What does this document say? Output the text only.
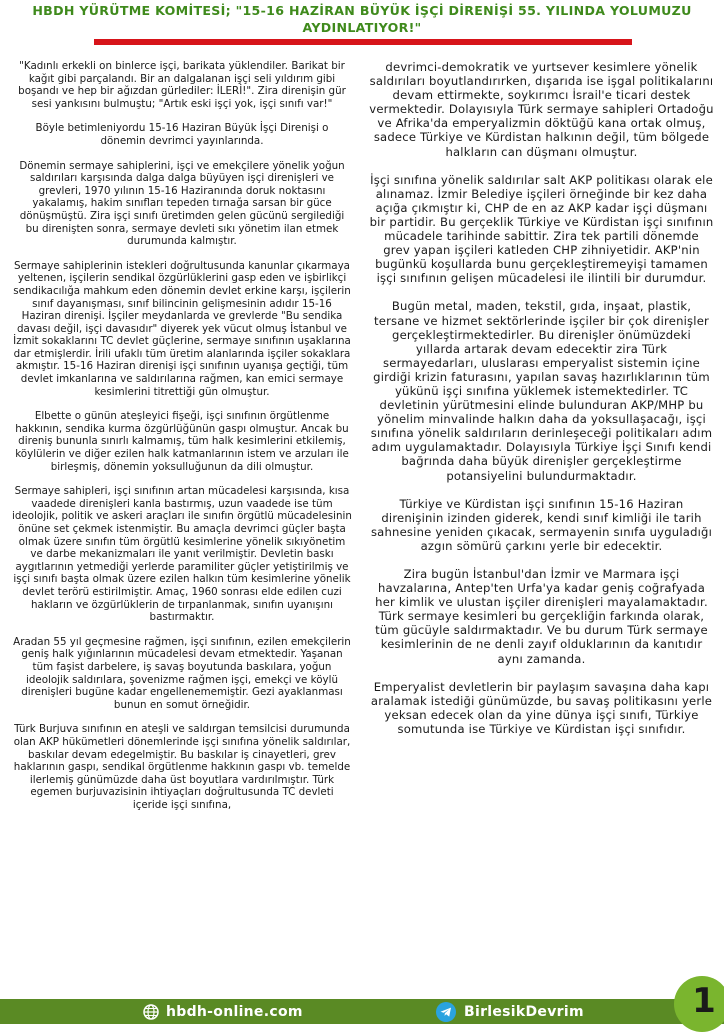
HBDH YÜRÜTME KOMİTESİ; "15-16 HAZİRAN BÜYÜK İŞÇİ DİRENİŞİ 55. YILINDA YOLUMUZU AYDINLATIYOR!"

"Kadınlı erkekli on binlerce işçi, barikata yüklendiler. Barikat bir kağıt gibi parçalandı. Bir an dalgalanan işçi seli yıldırım gibi boşandı ve hep bir ağızdan gürlediler: İLERİ!". Zira direnişin gür sesi yankısını bulmuştu; "Artık eski işçi yok, işçi sınıfı var!"

Böyle betimleniyordu 15-16 Haziran Büyük İşçi Direnişi o dönemin devrimci yayınlarında.

Dönemin sermaye sahiplerini, işçi ve emekçilere yönelik yoğun saldırıları karşısında dalga dalga büyüyen işçi direnişleri ve grevleri, 1970 yılının 15-16 Haziranında doruk noktasını yakalamış, hakim sınıfları tepeden tırnağa sarsan bir güce dönüşmüştü. Zira işçi sınıfı üretimden gelen gücünü sergilediği bu direnişten sonra, sermaye devleti sıkı yönetim ilan etmek durumunda kalmıştır.

Sermaye sahiplerinin istekleri doğrultusunda kanunlar çıkarmaya yeltenen, işçilerin sendikal özgürlüklerini gasp eden ve işbirlikçi sendikacılığa mahkum eden dönemin devlet erkine karşı, işçilerin sınıf dayanışması, sınıf bilincinin gelişmesinin adıdır 15-16 Haziran direnişi. İşçiler meydanlarda ve grevlerde "Bu sendika davası değil, işçi davasıdır" diyerek yek vücut olmuş İstanbul ve İzmit sokaklarını TC devlet güçlerine, sermaye sınıfının uşaklarına dar etmişlerdir. İrili ufaklı tüm üretim alanlarında işçiler sokaklara akmıştır. 15-16 Haziran direnişi işçi sınıfının uyanışa geçtiği, tüm devlet imkanlarına ve saldırılarına rağmen, kan emici sermaye kesimlerini titrettiği gün olmuştur.

Elbette o günün ateşleyici fişeği, işçi sınıfının örgütlenme hakkının, sendika kurma özgürlüğünün gaspı olmuştur. Ancak bu direniş bununla sınırlı kalmamış, tüm halk kesimlerini etkilemiş, köylülerin ve diğer ezilen halk katmanlarının istem ve arzuları ile birleşmiş, dönemin yoksulluğunun da dili olmuştur.

Sermaye sahipleri, işçi sınıfının artan mücadelesi karşısında, kısa vaadede direnişleri kanla bastırmış, uzun vaadede ise tüm ideolojik, politik ve askeri araçları ile sınıfın örgütlü mücadelesinin önüne set çekmek istenmiştir. Bu amaçla devrimci güçler başta olmak üzere sınıfın tüm örgütlü kesimlerine yönelik sıkıyönetim ve darbe mekanizmaları ile yanıt verilmiştir. Devletin baskı aygıtlarının yetmediği yerlerde paramiliter güçler yetiştirilmiş ve işçi sınıfı başta olmak üzere ezilen halkın tüm kesimlerine yönelik devlet terörü estirilmiştir. Amaç, 1960 sonrası elde edilen cuzi hakların ve özgürlüklerin de tırpanlanmak, sınıfın uyanışını bastırmaktır.

Aradan 55 yıl geçmesine rağmen, işçi sınıfının, ezilen emekçilerin geniş halk yığınlarının mücadelesi devam etmektedir. Yaşanan tüm faşist darbelere, iş savaş boyutunda baskılara, yoğun ideolojik saldırılara, şovenizme rağmen işçi, emekçi ve köylü direnişleri bugüne kadar engellenememiştir. Gezi ayaklanması bunun en somut örneğidir.

Türk Burjuva sınıfının en ateşli ve saldırgan temsilcisi durumunda olan AKP hükümetleri dönemlerinde işçi sınıfına yönelik saldırılar, baskılar devam edegelmiştir. Bu baskılar iş cinayetleri, grev haklarının gaspı, sendikal örgütlenme hakkının gaspı vb. temelde ilerlemiş günümüzde daha üst boyutlara vardırılmıştır. Türk egemen burjuvazisinin ihtiyaçları doğrultusunda TC devleti içeride işçi sınıfına,

devrimci-demokratik ve yurtsever kesimlere yönelik saldırıları boyutlandırırken, dışarıda ise işgal politikalarını devam ettirmekte, soykırımcı İsrail'e ticari destek vermektedir. Dolayısıyla Türk sermaye sahipleri Ortadoğu ve Afrika'da emperyalizmin döktüğü kana ortak olmuş, sadece Türkiye ve Kürdistan halkının değil, tüm bölgede halkların can düşmanı olmuştur.

İşçi sınıfına yönelik saldırılar salt AKP politikası olarak ele alınamaz. İzmir Belediye işçileri örneğinde bir kez daha açığa çıkmıştır ki, CHP de en az AKP kadar işçi düşmanı bir partidir. Bu gerçeklik Türkiye ve Kürdistan işçi sınıfının mücadele tarihinde sabittir. Zira tek partili dönemde grev yapan işçileri katleden CHP zihniyetidir. AKP'nin bugünkü koşullarda bunu gerçekleştiremeyişi tamamen işçi sınıfının gelişen mücadelesi ile ilintili bir durumdur.

Bugün metal, maden, tekstil, gıda, inşaat, plastik, tersane ve hizmet sektörlerinde işçiler bir çok direnişler gerçekleştirmektedirler. Bu direnişler önümüzdeki yıllarda artarak devam edecektir zira Türk sermayedarları, uluslarası emperyalist sistemin içine girdiği krizin faturasını, yapılan savaş hazırlıklarının tüm yükünü işçi sınıfına yüklemek istemektedirler. TC devletinin yürütmesini elinde bulunduran AKP/MHP bu yönelim minvalinde halkın daha da yoksullaşacağı, işçi sınıfına yönelik saldırıların derinleşeceği politikaları adım adım uygulamaktadır. Dolayısıyla Türkiye İşçi Sınıfı kendi bağrında daha büyük direnişler gerçekleştirme potansiyelini bulundurmaktadır.

Türkiye ve Kürdistan işçi sınıfının 15-16 Haziran direnişinin izinden giderek, kendi sınıf kimliği ile tarih sahnesine yeniden çıkacak, sermayenin sınıfa uyguladığı azgın sömürü çarkını yerle bir edecektir.

Zira bugün İstanbul'dan İzmir ve Marmara işçi havzalarına, Antep'ten Urfa'ya kadar geniş coğrafyada her kimlik ve ulustan işçiler direnişleri mayalamaktadır. Türk sermaye kesimleri bu gerçekliğin farkında olarak, tüm gücüyle saldırmaktadır. Ve bu durum Türk sermaye kesimlerinin de ne denli zayıf olduklarının da kanıtıdır aynı zamanda.

Emperyalist devletlerin bir paylaşım savaşına daha kapı aralamak istediği günümüzde, bu savaş politikasını yerle yeksan edecek olan da yine dünya işçi sınıfı, Türkiye somutunda ise Türkiye ve Kürdistan işçi sınıfıdır.

hbdh-online.com	BirlesikDevrim	1
